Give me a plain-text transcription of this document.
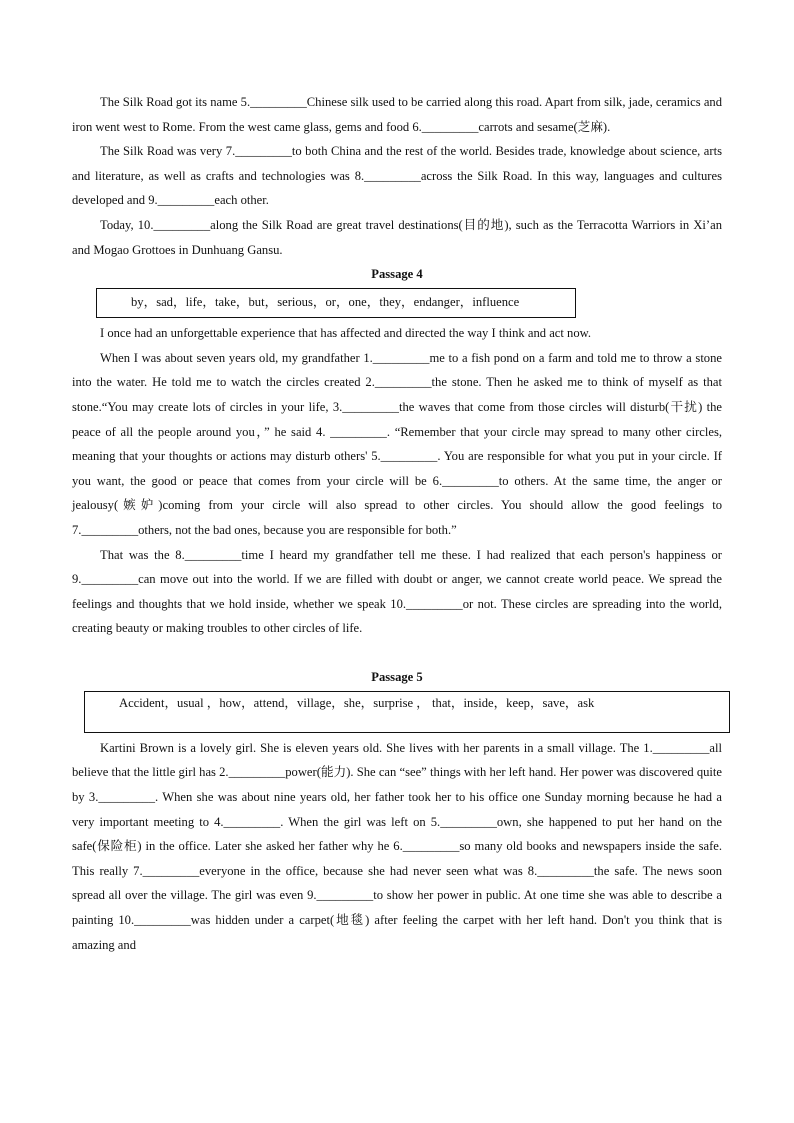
The Silk Road got its name 5._________Chinese silk used to be carried along this road. Apart from silk, jade, ceramics and iron went west to Rome. From the west came glass, gems and food 6._________carrots and sesame(芝麻).

The Silk Road was very 7._________to both China and the rest of the world. Besides trade, knowledge about science, arts and literature, as well as crafts and technologies was 8._________across the Silk Road. In this way, languages and cultures developed and 9._________each other.

Today, 10._________along the Silk Road are great travel destinations(目的地), such as the Terracotta Warriors in Xi’an and Mogao Grottoes in Dunhuang Gansu.

Passage 4

by，sad，life，take，but，serious，or，one，they，endanger，influence

I once had an unforgettable experience that has affected and directed the way I think and act now.

When I was about seven years old, my grandfather 1._________me to a fish pond on a farm and told me to throw a stone into the water. He told me to watch the circles created 2._________the stone. Then he asked me to think of myself as that stone.“You may create lots of circles in your life, 3._________the waves that come from those circles will disturb(干扰) the peace of all the people around you，” he said 4. _________. “Remember that your circle may spread to many other circles, meaning that your thoughts or actions may disturb others' 5._________. You are responsible for what you put in your circle. If you want, the good or peace that comes from your circle will be 6._________to others. At the same time, the anger or jealousy(嫉妒)coming from your circle will also spread to other circles. You should allow the good feelings to 7._________others, not the bad ones, because you are responsible for both.”

That was the 8._________time I heard my grandfather tell me these. I had realized that each person's happiness or 9._________can move out into the world. If we are filled with doubt or anger, we cannot create world peace. We spread the feelings and thoughts that we hold inside, whether we speak 10._________or not. These circles are spreading into the world, creating beauty or making troubles to other circles of life.

Passage 5

Accident，usual ，how，attend，village，she，surprise ， that，inside，keep，save，ask

Kartini Brown is a lovely girl. She is eleven years old. She lives with her parents in a small village. The 1._________all believe that the little girl has 2._________power(能力). She can “see” things with her left hand. Her power was discovered quite by 3._________. When she was about nine years old, her father took her to his office one Sunday morning because he had a very important meeting to 4._________. When the girl was left on 5._________own, she happened to put her hand on the safe(保险柜) in the office. Later she asked her father why he 6._________so many old books and newspapers inside the safe. This really 7._________everyone in the office, because she had never seen what was 8._________the safe. The news soon spread all over the village. The girl was even 9._________to show her power in public. At one time she was able to describe a painting 10._________was hidden under a carpet(地毯) after feeling the carpet with her left hand. Don't you think that is amazing and
